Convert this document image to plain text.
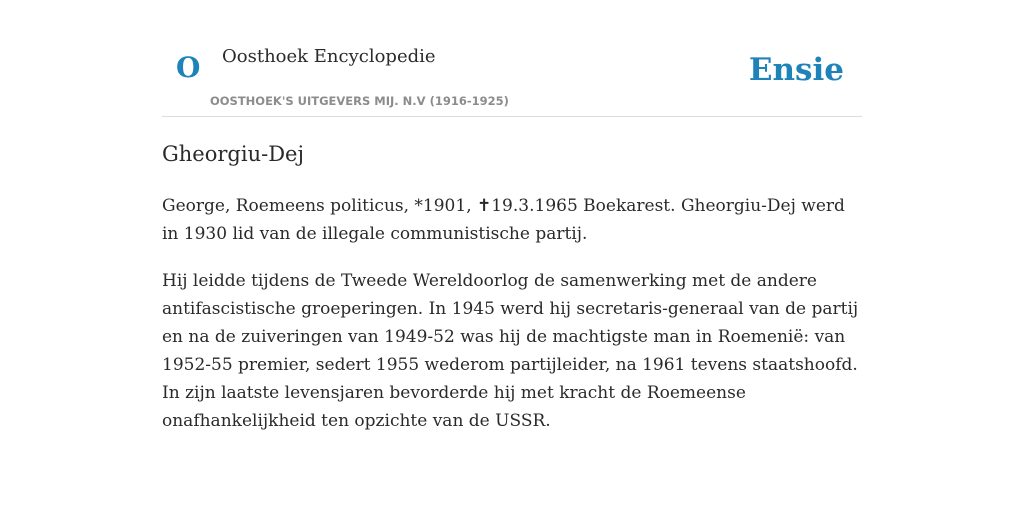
O Oosthoek Encyclopedie
OOSTHOEK'S UITGEVERS MIJ. N.V (1916-1925)
Ensie
Gheorgiu-Dej

George, Roemeens politicus, *1901, ✝19.3.1965 Boekarest. Gheorgiu-Dej werd in 1930 lid van de illegale communistische partij.

Hij leidde tijdens de Tweede Wereldoorlog de samenwerking met de andere antifascistische groeperingen. In 1945 werd hij secretaris-generaal van de partij en na de zuiveringen van 1949-52 was hij de machtigste man in Roemenië: van 1952-55 premier, sedert 1955 wederom partijleider, na 1961 tevens staatshoofd. In zijn laatste levensjaren bevorderde hij met kracht de Roemeense onafhankelijkheid ten opzichte van de USSR.
